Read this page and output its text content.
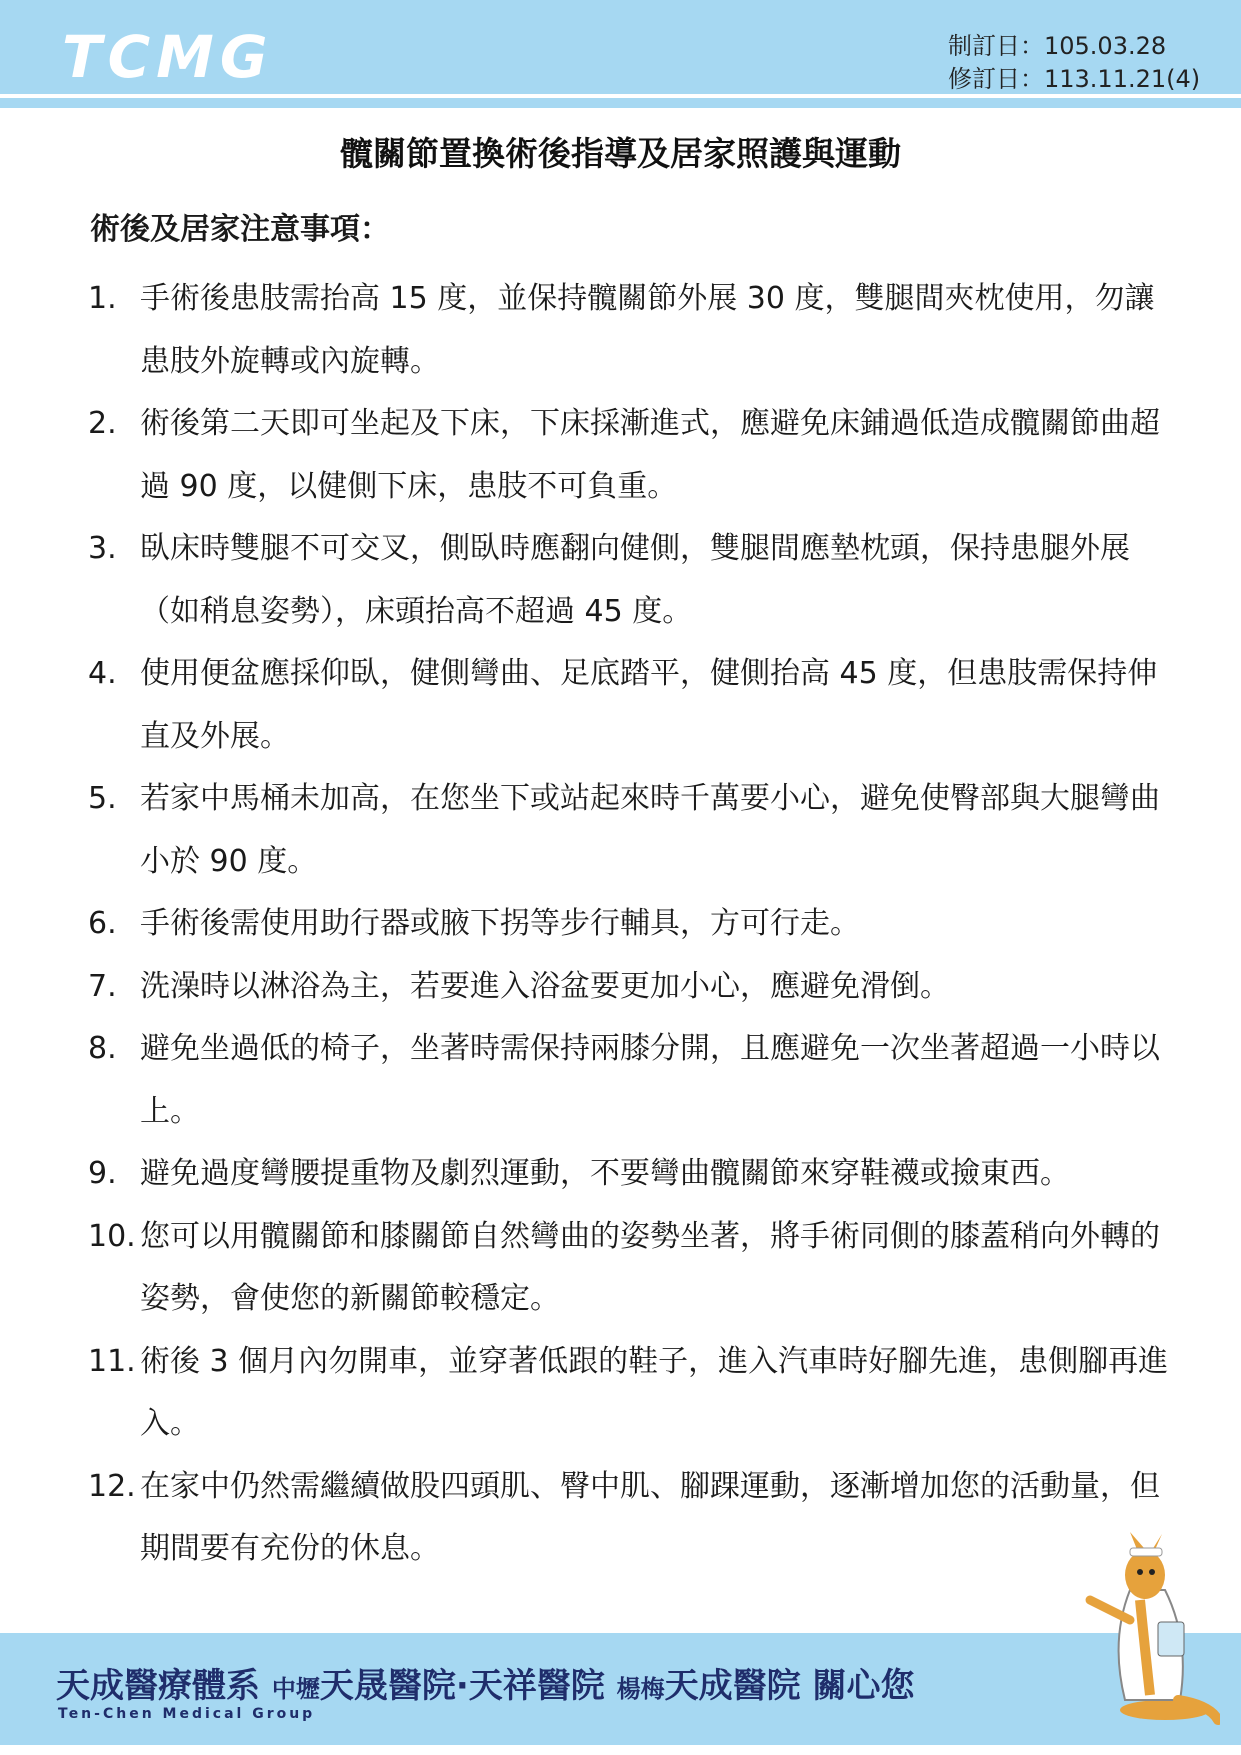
TCMG	制訂日：105.03.28
修訂日：113.11.21(4)
髖關節置換術後指導及居家照護與運動
術後及居家注意事項：
1. 手術後患肢需抬高 15 度，並保持髖關節外展 30 度，雙腿間夾枕使用，勿讓患肢外旋轉或內旋轉。
2. 術後第二天即可坐起及下床，下床採漸進式，應避免床鋪過低造成髖關節曲超過 90 度，以健側下床，患肢不可負重。
3. 臥床時雙腿不可交叉，側臥時應翻向健側，雙腿間應墊枕頭，保持患腿外展（如稍息姿勢），床頭抬高不超過 45 度。
4. 使用便盆應採仰臥，健側彎曲、足底踏平，健側抬高 45 度，但患肢需保持伸直及外展。
5. 若家中馬桶未加高，在您坐下或站起來時千萬要小心，避免使臀部與大腿彎曲小於 90 度。
6. 手術後需使用助行器或腋下拐等步行輔具，方可行走。
7. 洗澡時以淋浴為主，若要進入浴盆要更加小心，應避免滑倒。
8. 避免坐過低的椅子，坐著時需保持兩膝分開，且應避免一次坐著超過一小時以上。
9. 避免過度彎腰提重物及劇烈運動，不要彎曲髖關節來穿鞋襪或撿東西。
10. 您可以用髖關節和膝關節自然彎曲的姿勢坐著，將手術同側的膝蓋稍向外轉的姿勢，會使您的新關節較穩定。
11. 術後 3 個月內勿開車，並穿著低跟的鞋子，進入汽車時好腳先進，患側腳再進入。
12. 在家中仍然需繼續做股四頭肌、臀中肌、腳踝運動，逐漸增加您的活動量，但期間要有充份的休息。
天成醫療體系 中壢天晟醫院·天祥醫院 楊梅天成醫院 關心您
Ten-Chen Medical Group
